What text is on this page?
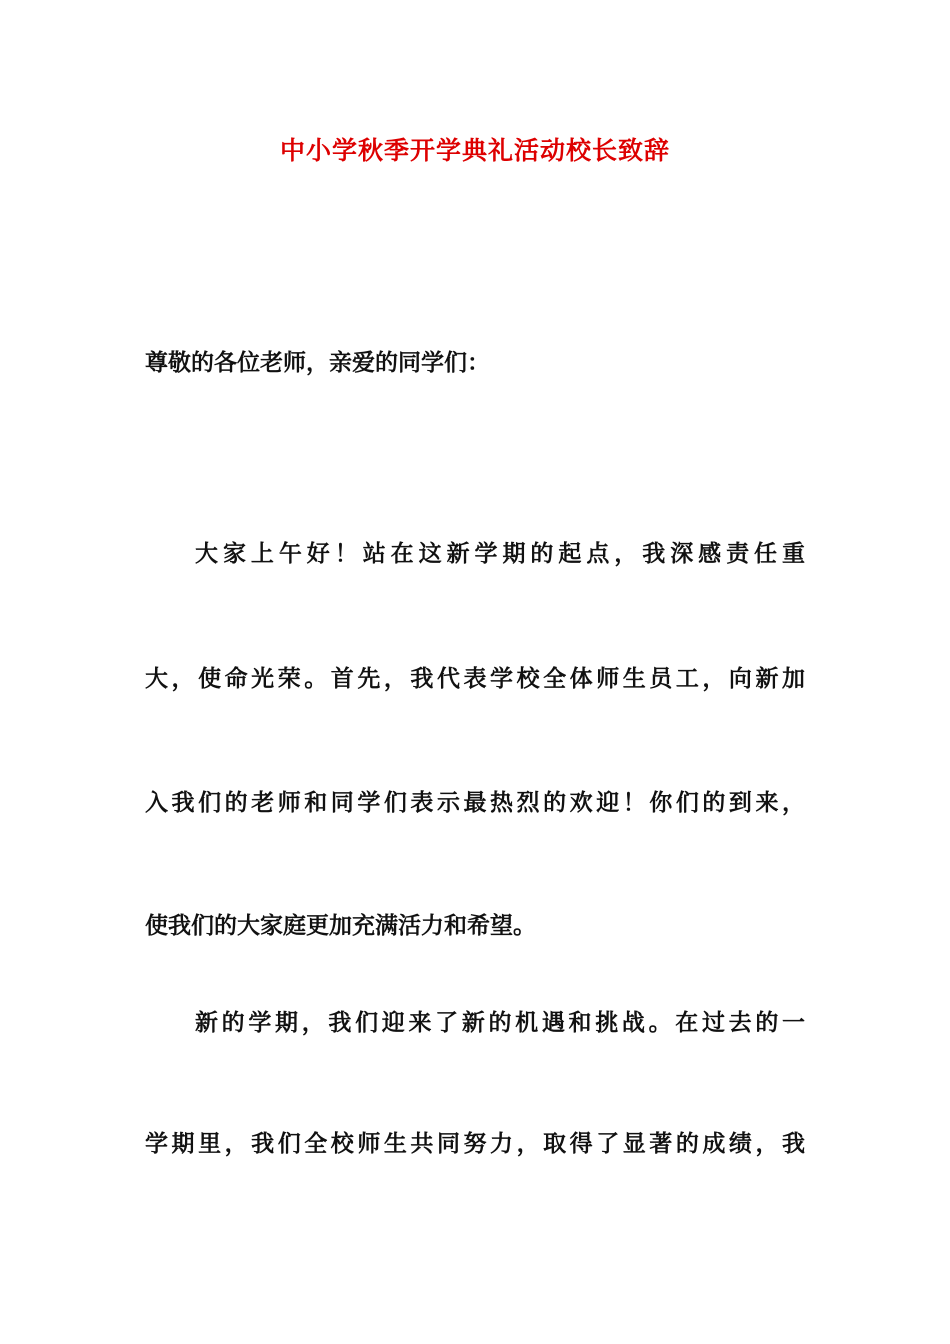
中小学秋季开学典礼活动校长致辞
尊敬的各位老师，亲爱的同学们：
大家上午好！站在这新学期的起点，我深感责任重
大，使命光荣。首先，我代表学校全体师生员工，向新加
入我们的老师和同学们表示最热烈的欢迎！你们的到来，
使我们的大家庭更加充满活力和希望。
新的学期，我们迎来了新的机遇和挑战。在过去的一
学期里，我们全校师生共同努力，取得了显著的成绩，我
